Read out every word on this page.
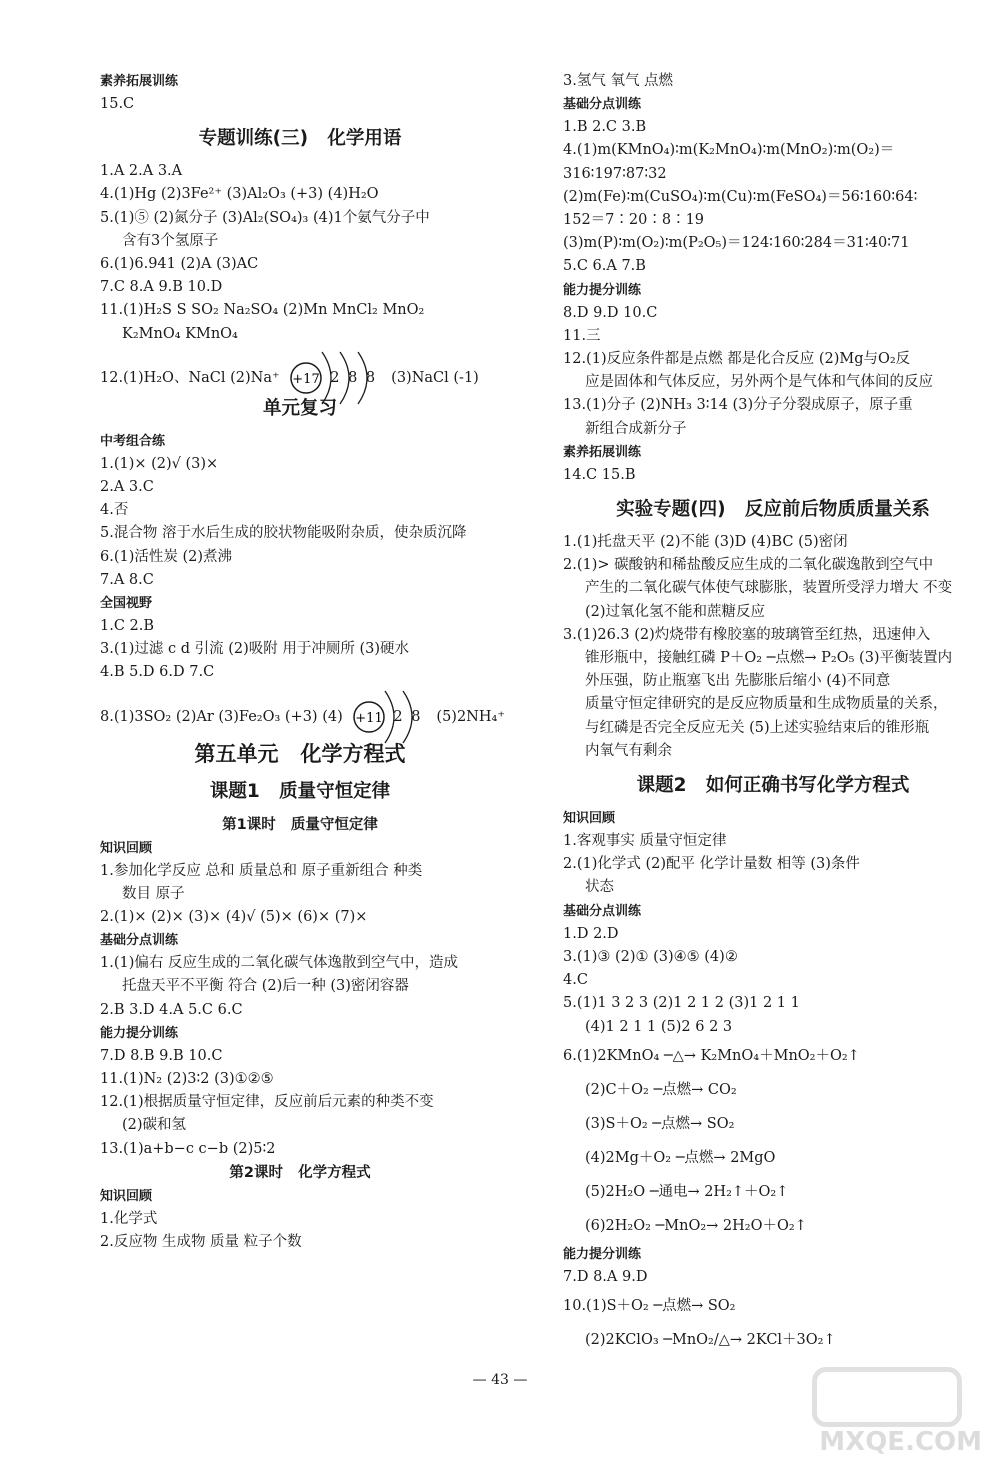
素养拓展训练
15.C
专题训练(三)   化学用语
1.A 2.A 3.A
4.(1)Hg (2)3Fe²⁺ (3)Al₂O₃ (+3) (4)H₂O
5.(1)⑤ (2)氮分子 (3)Al₂(SO₄)₃ (4)1个氨气分子中
含有3个氢原子
6.(1)6.941 (2)A (3)AC
7.C 8.A 9.B 10.D
11.(1)H₂S S SO₂ Na₂SO₄ (2)Mn MnCl₂ MnO₂
K₂MnO₄ KMnO₄
12.(1)H₂O、NaCl (2)Na⁺ +17 2 8 8 (3)NaCl (-1)
单元复习
中考组合练
1.(1)× (2)√ (3)×
2.A 3.C
4.否
5.混合物 溶于水后生成的胶状物能吸附杂质，使杂质沉降
6.(1)活性炭 (2)煮沸
7.A 8.C
全国视野
1.C 2.B
3.(1)过滤 c d 引流 (2)吸附 用于冲厕所 (3)硬水
4.B 5.D 6.D 7.C
8.(1)3SO₂ (2)Ar (3)Fe₂O₃ (+3) (4) +11 2 8 (5)2NH₄⁺
第五单元   化学方程式
课题1   质量守恒定律
第1课时   质量守恒定律
知识回顾
1.参加化学反应 总和 质量总和 原子重新组合 种类
数目 原子
2.(1)× (2)× (3)× (4)√ (5)× (6)× (7)×
基础分点训练
1.(1)偏右 反应生成的二氧化碳气体逸散到空气中，造成
托盘天平不平衡 符合 (2)后一种 (3)密闭容器
2.B 3.D 4.A 5.C 6.C
能力提分训练
7.D 8.B 9.B 10.C
11.(1)N₂ (2)3∶2 (3)①②⑤
12.(1)根据质量守恒定律，反应前后元素的种类不变
(2)碳和氢
13.(1)a+b−c c−b (2)5∶2
第2课时   化学方程式
知识回顾
1.化学式
2.反应物 生成物 质量 粒子个数
3.氢气 氧气 点燃
基础分点训练
1.B 2.C 3.B
4.(1)m(KMnO₄)∶m(K₂MnO₄)∶m(MnO₂)∶m(O₂)＝
316∶197∶87∶32
(2)m(Fe)∶m(CuSO₄)∶m(Cu)∶m(FeSO₄)＝56∶160∶64∶
152＝7∶20∶8∶19
(3)m(P)∶m(O₂)∶m(P₂O₅)＝124∶160∶284＝31∶40∶71
5.C 6.A 7.B
能力提分训练
8.D 9.D 10.C
11.三
12.(1)反应条件都是点燃 都是化合反应 (2)Mg与O₂反
应是固体和气体反应，另外两个是气体和气体间的反应
13.(1)分子 (2)NH₃ 3∶14 (3)分子分裂成原子，原子重
新组合成新分子
素养拓展训练
14.C 15.B
实验专题(四)   反应前后物质质量关系
1.(1)托盘天平 (2)不能 (3)D (4)BC (5)密闭
2.(1)> 碳酸钠和稀盐酸反应生成的二氧化碳逸散到空气中
产生的二氧化碳气体使气球膨胀，装置所受浮力增大 不变
(2)过氧化氢不能和蔗糖反应
3.(1)26.3 (2)灼烧带有橡胶塞的玻璃管至红热，迅速伸入
锥形瓶中，接触红磷 P＋O₂ ─点燃→ P₂O₅ (3)平衡装置内
外压强，防止瓶塞飞出 先膨胀后缩小 (4)不同意
质量守恒定律研究的是反应物质量和生成物质量的关系，
与红磷是否完全反应无关 (5)上述实验结束后的锥形瓶
内氧气有剩余
课题2   如何正确书写化学方程式
知识回顾
1.客观事实 质量守恒定律
2.(1)化学式 (2)配平 化学计量数 相等 (3)条件
状态
基础分点训练
1.D 2.D
3.(1)③ (2)① (3)④⑤ (4)②
4.C
5.(1)1 3 2 3 (2)1 2 1 2 (3)1 2 1 1
(4)1 2 1 1 (5)2 6 2 3
6.(1)2KMnO₄ ─△→ K₂MnO₄＋MnO₂＋O₂↑
(2)C＋O₂ ─点燃→ CO₂
(3)S＋O₂ ─点燃→ SO₂
(4)2Mg＋O₂ ─点燃→ 2MgO
(5)2H₂O ─通电→ 2H₂↑＋O₂↑
(6)2H₂O₂ ─MnO₂→ 2H₂O＋O₂↑
能力提分训练
7.D 8.A 9.D
10.(1)S＋O₂ ─点燃→ SO₂
(2)2KClO₃ ─MnO₂/△→ 2KCl＋3O₂↑
— 43 —
MXQE.COM
